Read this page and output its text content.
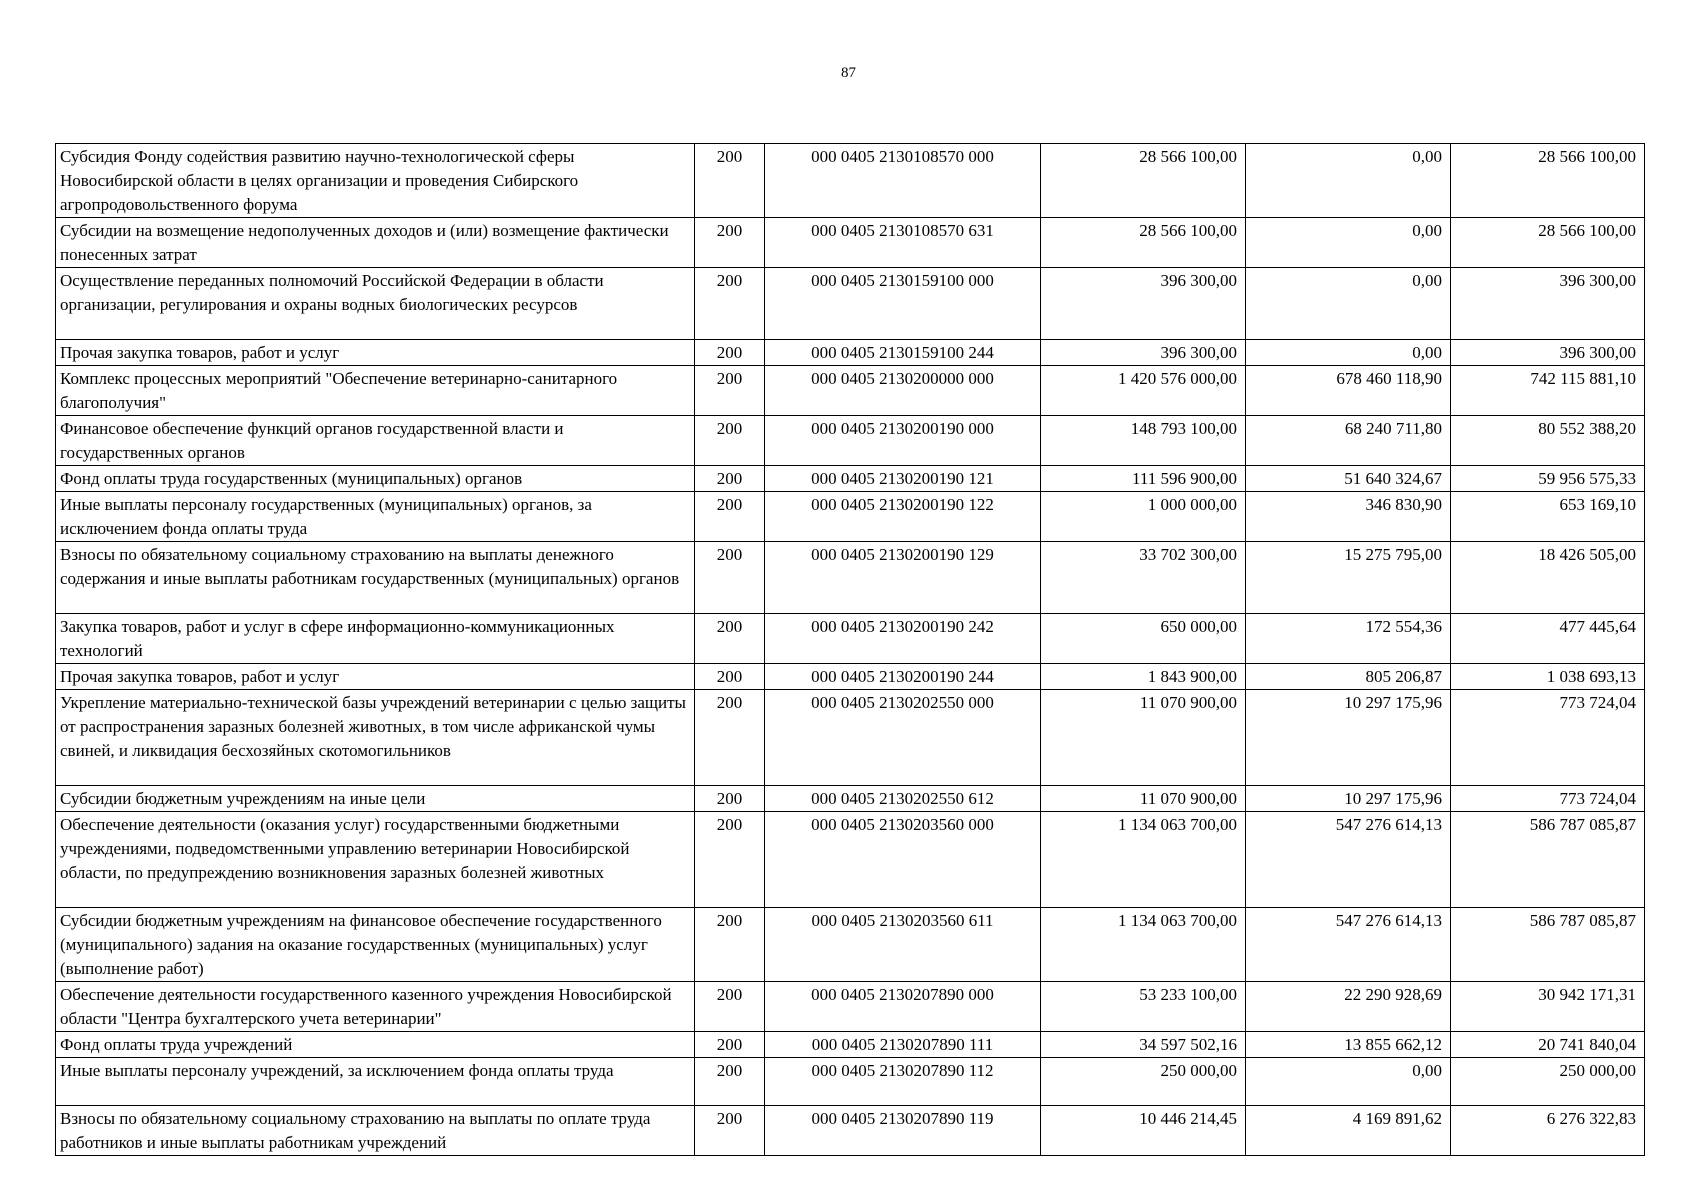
87
Субсидия Фонду содействия развитию научно-технологической сферы Новосибирской области в целях организации и проведения Сибирского агропродовольственного форума	200	000 0405 2130108570 000	28 566 100,00	0,00	28 566 100,00
Субсидии на возмещение недополученных доходов и (или) возмещение фактически понесенных затрат	200	000 0405 2130108570 631	28 566 100,00	0,00	28 566 100,00
Осуществление переданных полномочий Российской Федерации в области организации, регулирования и охраны водных биологических ресурсов	200	000 0405 2130159100 000	396 300,00	0,00	396 300,00
Прочая закупка товаров, работ и услуг	200	000 0405 2130159100 244	396 300,00	0,00	396 300,00
Комплекс процессных мероприятий "Обеспечение ветеринарно-санитарного благополучия"	200	000 0405 2130200000 000	1 420 576 000,00	678 460 118,90	742 115 881,10
Финансовое обеспечение функций органов государственной власти и государственных органов	200	000 0405 2130200190 000	148 793 100,00	68 240 711,80	80 552 388,20
Фонд оплаты труда государственных (муниципальных) органов	200	000 0405 2130200190 121	111 596 900,00	51 640 324,67	59 956 575,33
Иные выплаты персоналу государственных (муниципальных) органов, за исключением фонда оплаты труда	200	000 0405 2130200190 122	1 000 000,00	346 830,90	653 169,10
Взносы по обязательному социальному страхованию на выплаты денежного содержания и иные выплаты работникам государственных (муниципальных) органов	200	000 0405 2130200190 129	33 702 300,00	15 275 795,00	18 426 505,00
Закупка товаров, работ и услуг в сфере информационно-коммуникационных технологий	200	000 0405 2130200190 242	650 000,00	172 554,36	477 445,64
Прочая закупка товаров, работ и услуг	200	000 0405 2130200190 244	1 843 900,00	805 206,87	1 038 693,13
Укрепление материально-технической базы учреждений ветеринарии с целью защиты от распространения заразных болезней животных, в том числе африканской чумы свиней, и ликвидация бесхозяйных скотомогильников	200	000 0405 2130202550 000	11 070 900,00	10 297 175,96	773 724,04
Субсидии бюджетным учреждениям на иные цели	200	000 0405 2130202550 612	11 070 900,00	10 297 175,96	773 724,04
Обеспечение деятельности (оказания услуг) государственными бюджетными учреждениями, подведомственными управлению ветеринарии Новосибирской области, по предупреждению возникновения заразных болезней животных	200	000 0405 2130203560 000	1 134 063 700,00	547 276 614,13	586 787 085,87
Субсидии бюджетным учреждениям на финансовое обеспечение государственного (муниципального) задания на оказание государственных (муниципальных) услуг (выполнение работ)	200	000 0405 2130203560 611	1 134 063 700,00	547 276 614,13	586 787 085,87
Обеспечение деятельности государственного казенного учреждения Новосибирской области "Центра бухгалтерского учета ветеринарии"	200	000 0405 2130207890 000	53 233 100,00	22 290 928,69	30 942 171,31
Фонд оплаты труда учреждений	200	000 0405 2130207890 111	34 597 502,16	13 855 662,12	20 741 840,04
Иные выплаты персоналу учреждений, за исключением фонда оплаты труда	200	000 0405 2130207890 112	250 000,00	0,00	250 000,00
Взносы по обязательному социальному страхованию на выплаты по оплате труда работников и иные выплаты работникам учреждений	200	000 0405 2130207890 119	10 446 214,45	4 169 891,62	6 276 322,83
